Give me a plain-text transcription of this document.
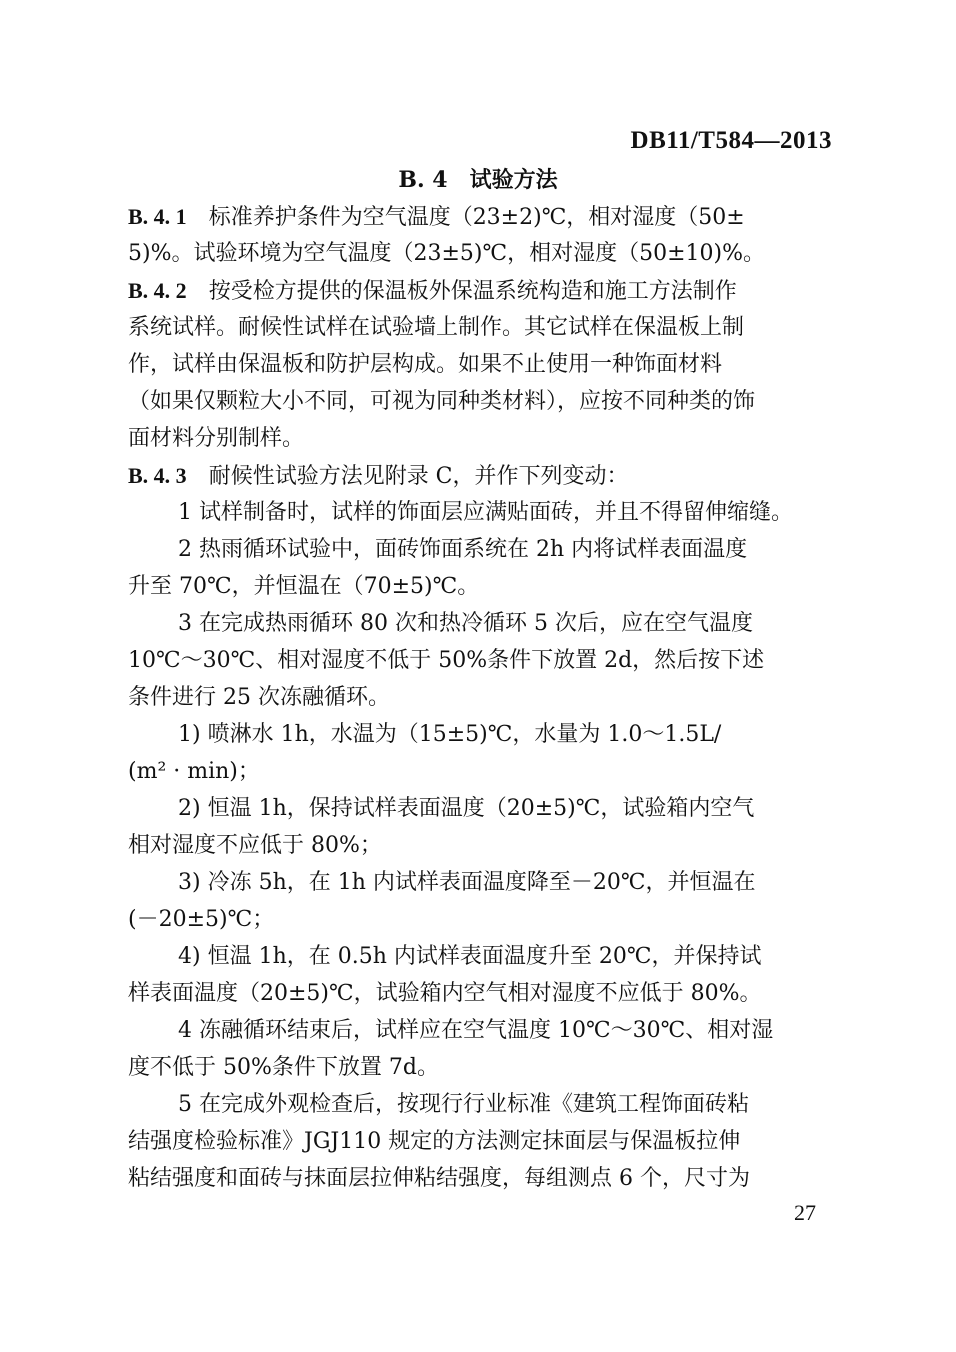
DB11/T584—2013
B. 4 试验方法
B. 4. 1 标准养护条件为空气温度（23±2)℃，相对湿度（50±
5)%。试验环境为空气温度（23±5)℃，相对湿度（50±10)%。
B. 4. 2 按受检方提供的保温板外保温系统构造和施工方法制作
系统试样。耐候性试样在试验墙上制作。其它试样在保温板上制
作，试样由保温板和防护层构成。如果不止使用一种饰面材料
（如果仅颗粒大小不同，可视为同种类材料），应按不同种类的饰
面材料分别制样。
B. 4. 3 耐候性试验方法见附录 C，并作下列变动：
1 试样制备时，试样的饰面层应满贴面砖，并且不得留伸缩缝。
2 热雨循环试验中，面砖饰面系统在 2h 内将试样表面温度
升至 70℃，并恒温在（70±5)℃。
3 在完成热雨循环 80 次和热冷循环 5 次后，应在空气温度
10℃～30℃、相对湿度不低于 50%条件下放置 2d，然后按下述
条件进行 25 次冻融循环。
1) 喷淋水 1h，水温为（15±5)℃，水量为 1.0～1.5L/
(m² · min)；
2) 恒温 1h，保持试样表面温度（20±5)℃，试验箱内空气
相对湿度不应低于 80%；
3) 冷冻 5h，在 1h 内试样表面温度降至－20℃，并恒温在
(－20±5)℃；
4) 恒温 1h，在 0.5h 内试样表面温度升至 20℃，并保持试
样表面温度（20±5)℃，试验箱内空气相对湿度不应低于 80%。
4 冻融循环结束后，试样应在空气温度 10℃～30℃、相对湿
度不低于 50%条件下放置 7d。
5 在完成外观检查后，按现行行业标准《建筑工程饰面砖粘
结强度检验标准》JGJ110 规定的方法测定抹面层与保温板拉伸
粘结强度和面砖与抹面层拉伸粘结强度，每组测点 6 个，尺寸为
27
